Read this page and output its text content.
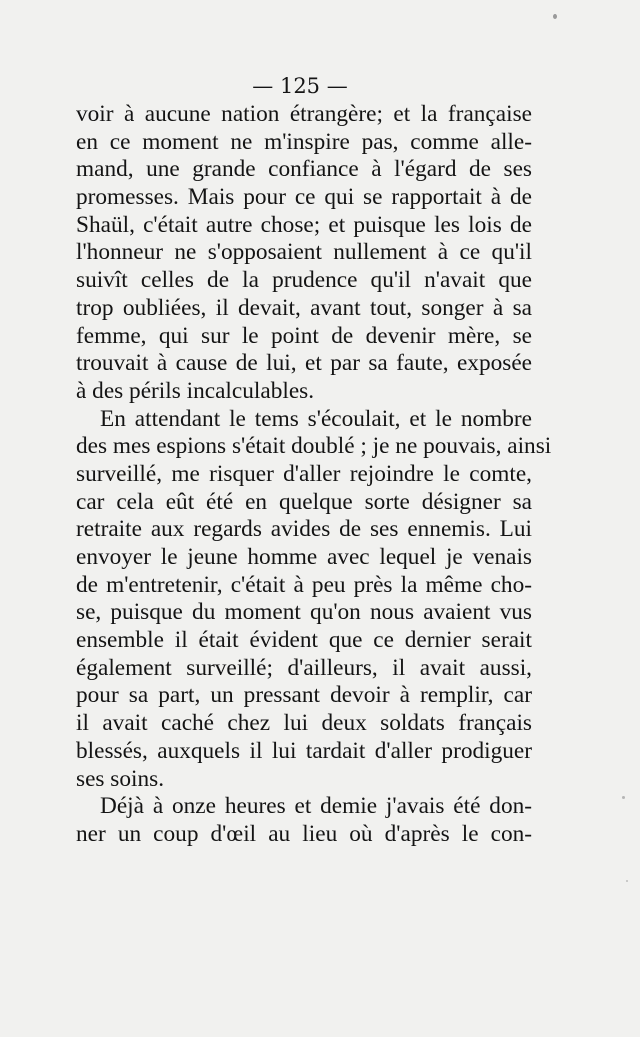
— 125 —
voir à aucune nation étrangère; et la française
en ce moment ne m'inspire pas, comme alle-
mand, une grande confiance à l'égard de ses
promesses. Mais pour ce qui se rapportait à de
Shaül, c'était autre chose; et puisque les lois de
l'honneur ne s'opposaient nullement à ce qu'il
suivît celles de la prudence qu'il n'avait que
trop oubliées, il devait, avant tout, songer à sa
femme, qui sur le point de devenir mère, se
trouvait à cause de lui, et par sa faute, exposée
à des périls incalculables.
En attendant le tems s'écoulait, et le nombre
des mes espions s'était doublé ; je ne pouvais, ainsi
surveillé, me risquer d'aller rejoindre le comte,
car cela eût été en quelque sorte désigner sa
retraite aux regards avides de ses ennemis. Lui
envoyer le jeune homme avec lequel je venais
de m'entretenir, c'était à peu près la même cho-
se, puisque du moment qu'on nous avaient vus
ensemble il était évident que ce dernier serait
également surveillé; d'ailleurs, il avait aussi,
pour sa part, un pressant devoir à remplir, car
il avait caché chez lui deux soldats français
blessés, auxquels il lui tardait d'aller prodiguer
ses soins.
Déjà à onze heures et demie j'avais été don-
ner un coup d'œil au lieu où d'après le con-
